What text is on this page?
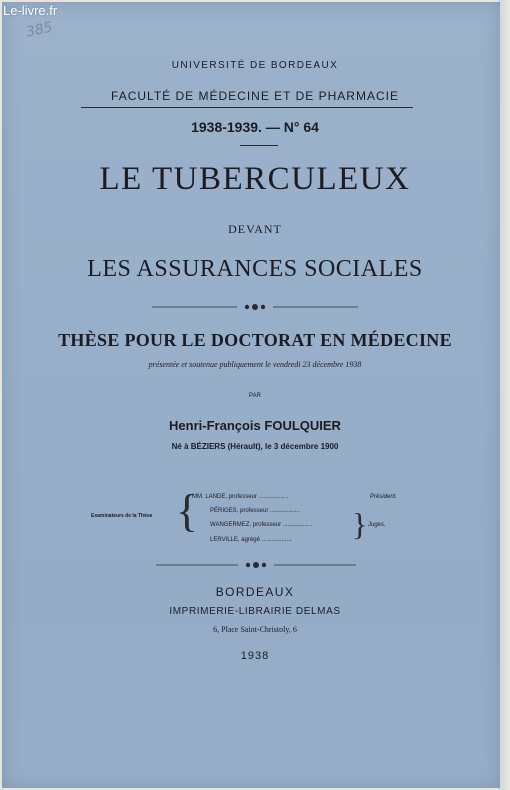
Le-livre.fr
385
UNIVERSITÉ DE BORDEAUX
FACULTÉ DE MÉDECINE ET DE PHARMACIE
1938-1939. — N° 64
LE TUBERCULEUX
DEVANT
LES ASSURANCES SOCIALES
THÈSE POUR LE DOCTORAT EN MÉDECINE
présentée et soutenue publiquement le vendredi 23 décembre 1938
PAR
Henri-François FOULQUIER
Né à BÉZIERS (Hérault), le 3 décembre 1900
Examinateurs de la Thèse {	}
MM. LANDE, professeur ..................	Président.
PÉRIGES, professeur ..................
WANGERMEZ, professeur ..................	Juges.
LERVILLE, agrégé ..................
BORDEAUX
IMPRIMERIE-LIBRAIRIE DELMAS
6, Place Saint-Christoly, 6
1938
